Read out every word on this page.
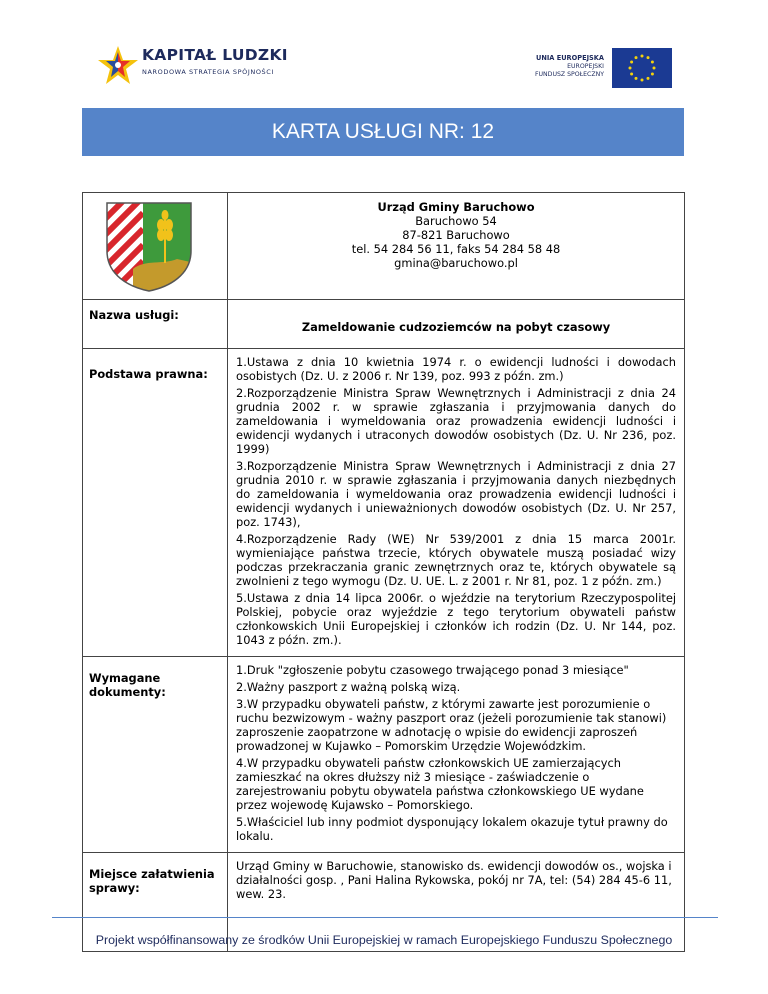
KAPITAŁ LUDZKI
NARODOWA STRATEGIA SPÓJNOŚCI
UNIA EUROPEJSKA
EUROPEJSKI
FUNDUSZ SPOŁECZNY
KARTA USŁUGI NR: 12

Urząd Gminy Baruchowo
Baruchowo 54
87-821 Baruchowo
tel. 54 284 56 11, faks 54 284 58 48
gmina@baruchowo.pl

Nazwa usługi:	Zameldowanie cudzoziemców na pobyt czasowy
Podstawa prawna:	1.Ustawa z dnia 10 kwietnia 1974 r. o ewidencji ludności i dowodach osobistych (Dz. U. z 2006 r. Nr 139, poz. 993 z późn. zm.)

2.Rozporządzenie Ministra Spraw Wewnętrznych i Administracji z dnia 24 grudnia 2002 r. w sprawie zgłaszania i przyjmowania danych do zameldowania i wymeldowania oraz prowadzenia ewidencji ludności i ewidencji wydanych i utraconych dowodów osobistych (Dz. U. Nr 236, poz. 1999)

3.Rozporządzenie Ministra Spraw Wewnętrznych i Administracji z dnia 27 grudnia 2010 r. w sprawie zgłaszania i przyjmowania danych niezbędnych do zameldowania i wymeldowania oraz prowadzenia ewidencji ludności i ewidencji wydanych i unieważnionych dowodów osobistych (Dz. U. Nr 257, poz. 1743),

4.Rozporządzenie Rady (WE) Nr 539/2001 z dnia 15 marca 2001r. wymieniające państwa trzecie, których obywatele muszą posiadać wizy podczas przekraczania granic zewnętrznych oraz te, których obywatele są zwolnieni z tego wymogu (Dz. U. UE. L. z 2001 r. Nr 81, poz. 1 z późn. zm.)

5.Ustawa z dnia 14 lipca 2006r. o wjeździe na terytorium Rzeczypospolitej Polskiej, pobycie oraz wyjeździe z tego terytorium obywateli państw członkowskich Unii Europejskiej i członków ich rodzin (Dz. U. Nr 144, poz. 1043 z późn. zm.).

Wymagane dokumenty:	1.Druk "zgłoszenie pobytu czasowego trwającego ponad 3 miesiące"

2.Ważny paszport z ważną polską wizą.

3.W przypadku obywateli państw, z którymi zawarte jest porozumienie o ruchu bezwizowym - ważny paszport oraz (jeżeli porozumienie tak stanowi) zaproszenie zaopatrzone w adnotację o wpisie do ewidencji zaproszeń prowadzonej w Kujawko – Pomorskim Urzędzie Wojewódzkim.

4.W przypadku obywateli państw członkowskich UE zamierzających zamieszkać na okres dłuższy niż 3 miesiące - zaświadczenie o zarejestrowaniu pobytu obywatela państwa członkowskiego UE wydane przez wojewodę Kujawsko – Pomorskiego.

5.Właściciel lub inny podmiot dysponujący lokalem okazuje tytuł prawny do lokalu.

Miejsce załatwienia sprawy:	Urząd Gminy w Baruchowie, stanowisko ds. ewidencji dowodów os., wojska i działalności gosp. , Pani Halina Rykowska, pokój nr 7A, tel: (54) 284 45-6 11, wew. 23.
Projekt współfinansowany ze środków Unii Europejskiej w ramach Europejskiego Funduszu Społecznego
